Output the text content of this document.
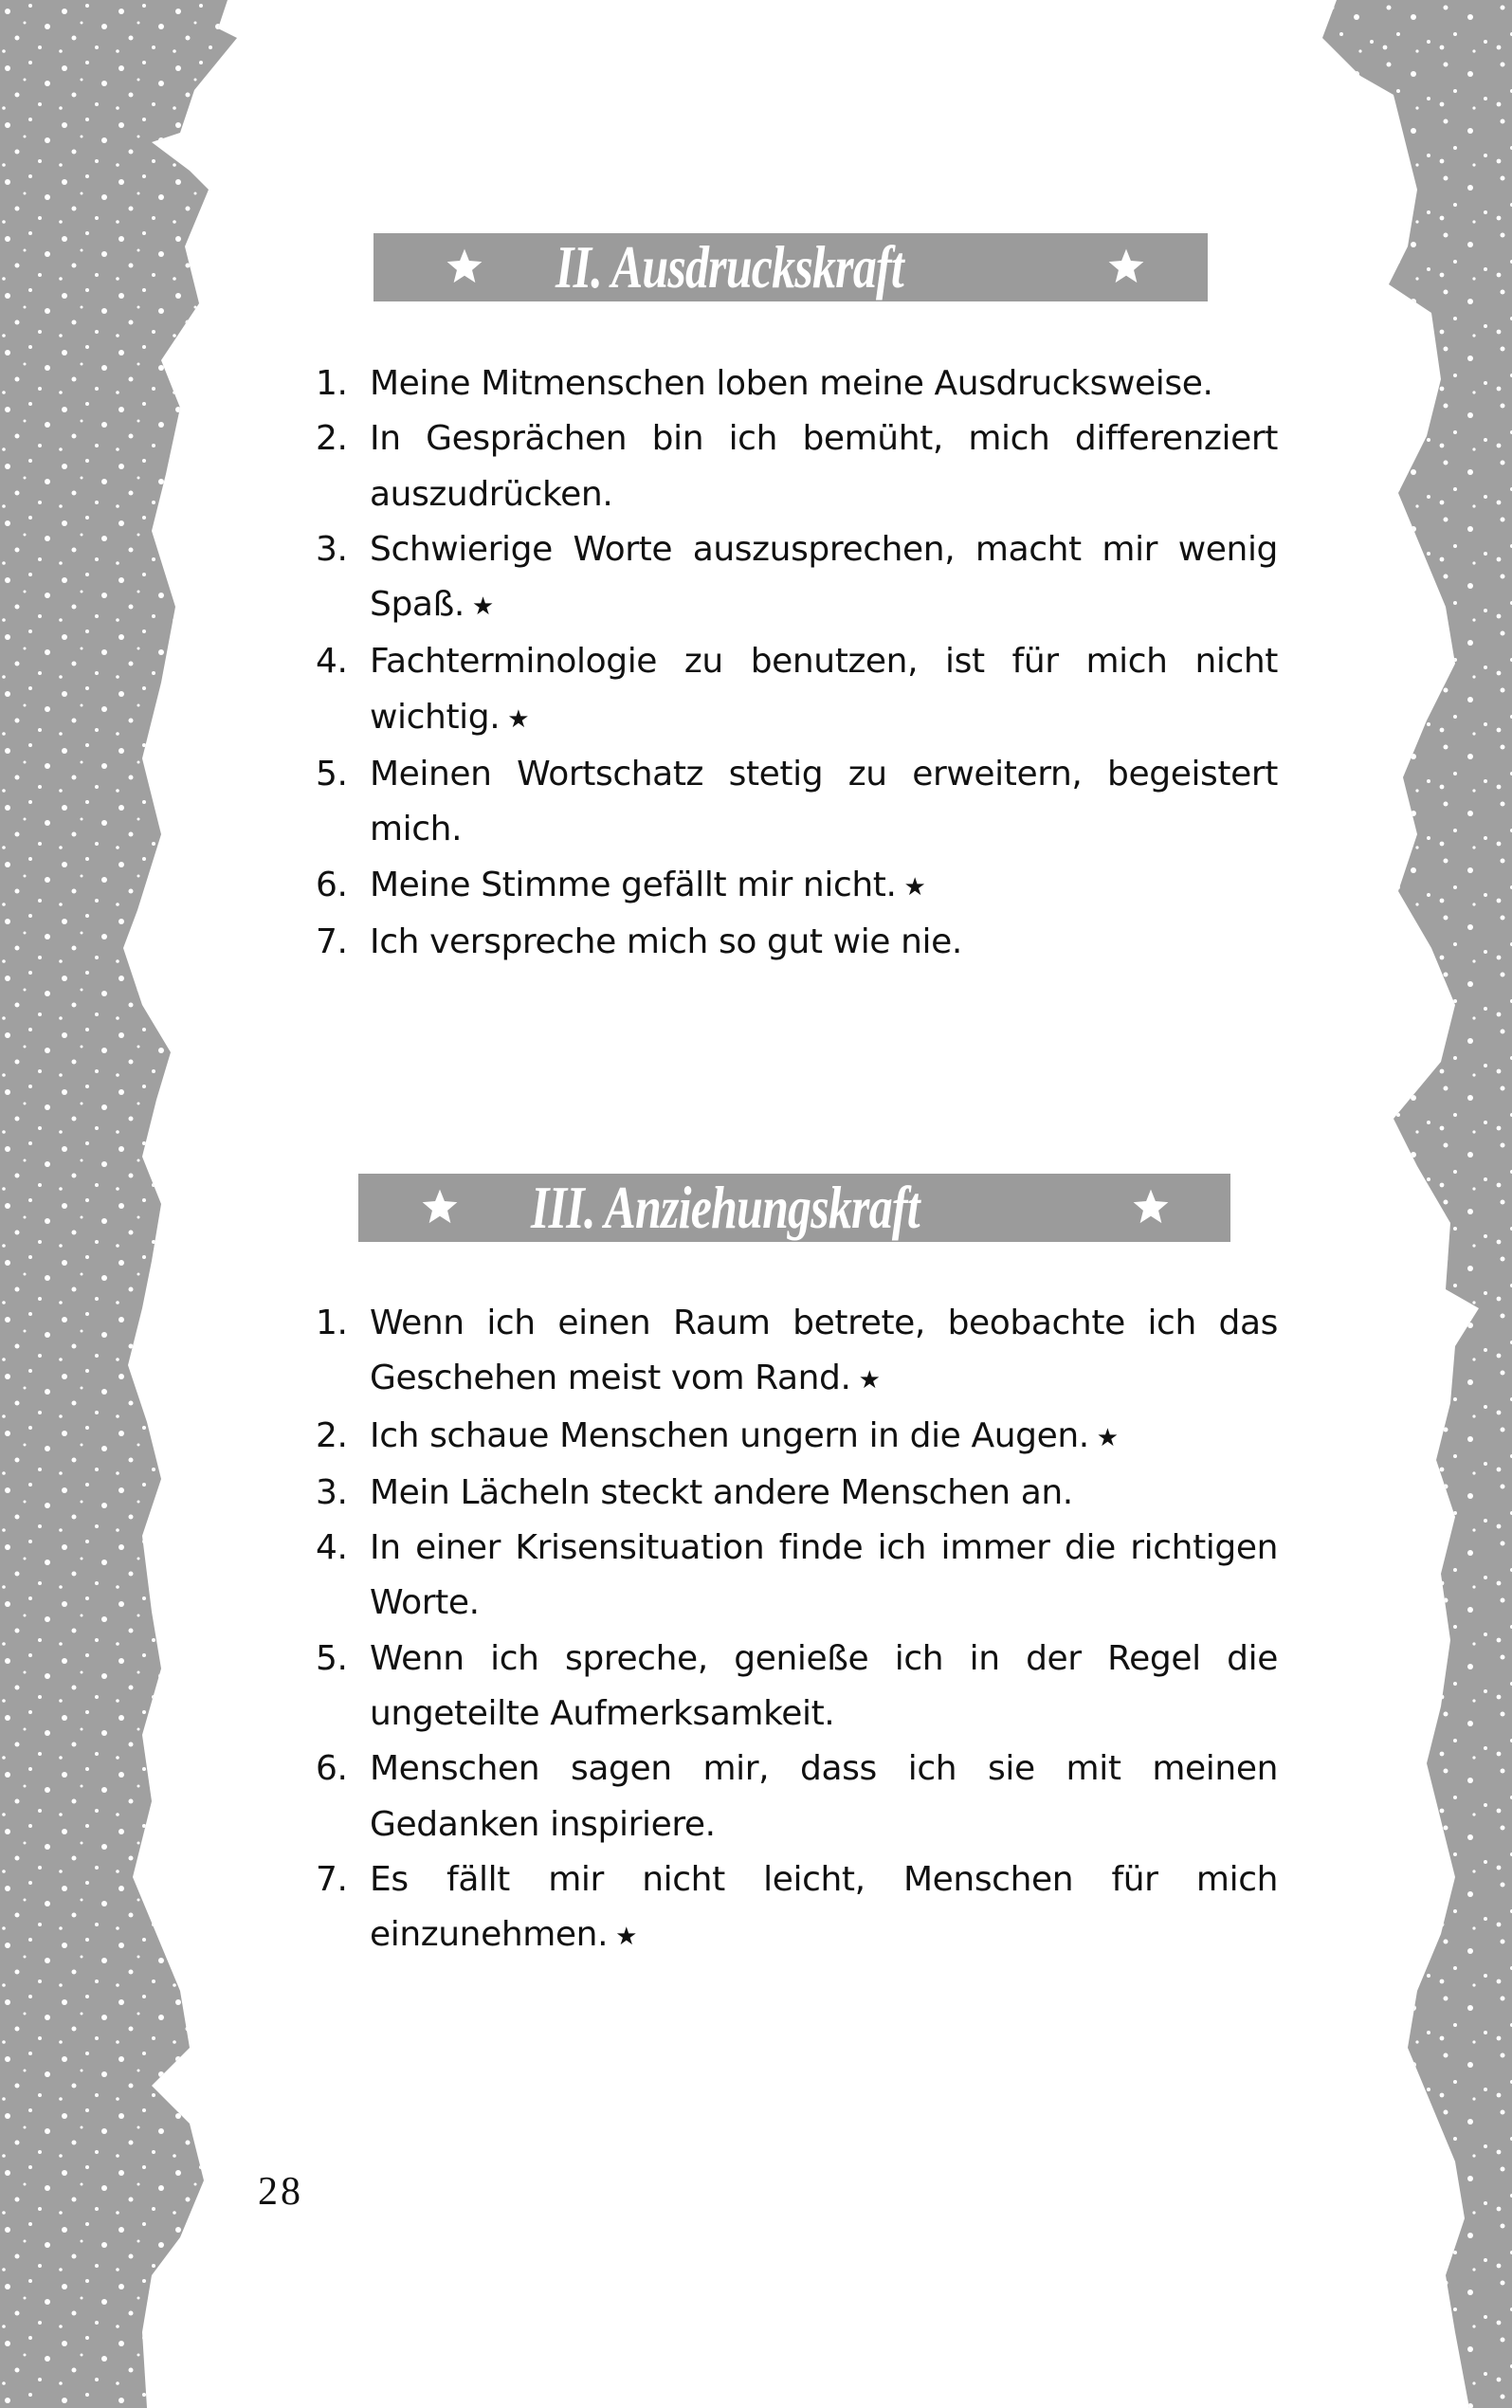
II. Ausdruckskraft
1. Meine Mitmenschen loben meine Ausdrucksweise.
2. In Gesprächen bin ich bemüht, mich differenziert auszudrücken.
3. Schwierige Worte auszusprechen, macht mir wenig Spaß. ★
4. Fachterminologie zu benutzen, ist für mich nicht wichtig. ★
5. Meinen Wortschatz stetig zu erweitern, begeistert mich.
6. Meine Stimme gefällt mir nicht. ★
7. Ich verspreche mich so gut wie nie.
III. Anziehungskraft
1. Wenn ich einen Raum betrete, beobachte ich das Geschehen meist vom Rand. ★
2. Ich schaue Menschen ungern in die Augen. ★
3. Mein Lächeln steckt andere Menschen an.
4. In einer Krisensituation finde ich immer die richtigen Worte.
5. Wenn ich spreche, genieße ich in der Regel die ungeteilte Aufmerksamkeit.
6. Menschen sagen mir, dass ich sie mit meinen Gedanken inspiriere.
7. Es fällt mir nicht leicht, Menschen für mich einzunehmen. ★
28
